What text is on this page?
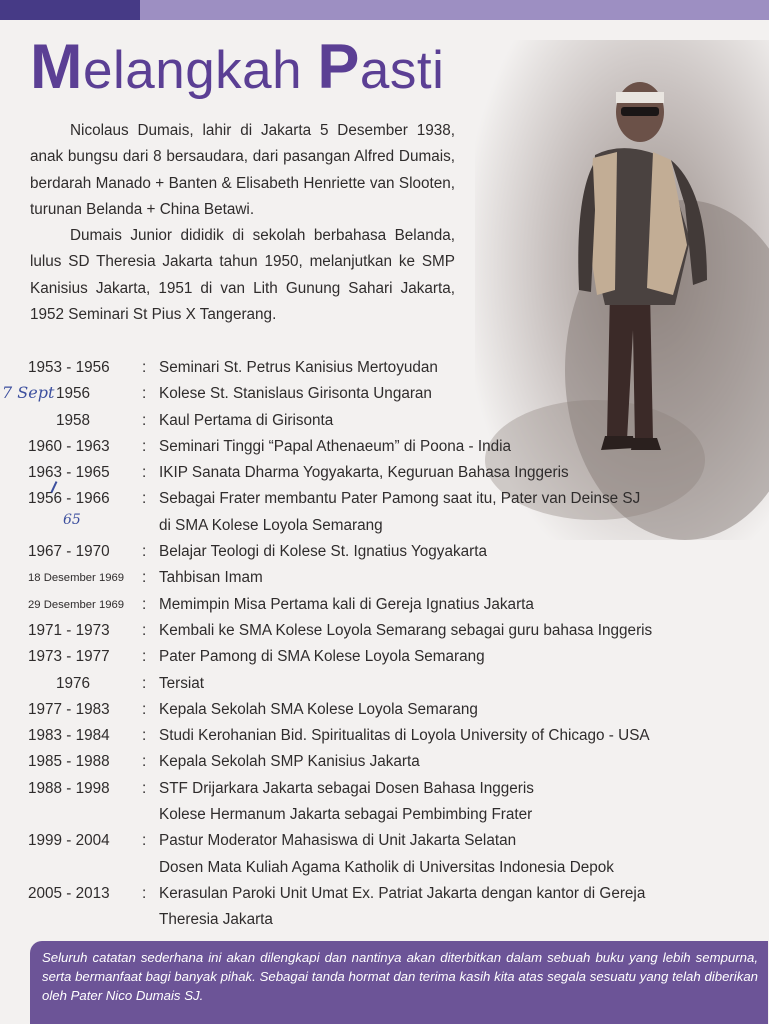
Melangkah Pasti

Nicolaus Dumais, lahir di Jakarta 5 Desember 1938, anak bungsu dari 8 bersaudara, dari pasangan Alfred Dumais, berdarah Manado + Banten & Elisabeth Henriette van Slooten, turunan Belanda + China Betawi.

Dumais Junior dididik di sekolah berbahasa Belanda, lulus SD Theresia Jakarta tahun 1950, melanjutkan ke SMP Kanisius Jakarta, 1951 di van Lith Gunung Sahari Jakarta, 1952 Seminari St Pius X Tangerang.

1953 - 1956	: Seminari St. Petrus Kanisius Mertoyudan
1956	: Kolese St. Stanislaus Girisonta Ungaran
1958	: Kaul Pertama di Girisonta
1960 - 1963	: Seminari Tinggi “Papal Athenaeum” di Poona - India
1963 - 1965	: IKIP Sanata Dharma Yogyakarta, Keguruan Bahasa Inggeris
1956 - 1966	: Sebagai Frater membantu Pater Pamong saat itu, Pater van Deinse SJ
di SMA Kolese Loyola Semarang
1967 - 1970	: Belajar Teologi di Kolese St. Ignatius Yogyakarta
18 Desember 1969	: Tahbisan Imam
29 Desember 1969	: Memimpin Misa Pertama kali di Gereja Ignatius Jakarta
1971 - 1973	: Kembali ke SMA Kolese Loyola Semarang sebagai guru bahasa Inggeris
1973 - 1977	: Pater Pamong di SMA Kolese Loyola Semarang
1976	: Tersiat
1977 - 1983	: Kepala Sekolah SMA Kolese Loyola Semarang
1983 - 1984	: Studi Kerohanian Bid. Spiritualitas di Loyola University of Chicago - USA
1985 - 1988	: Kepala Sekolah SMP Kanisius Jakarta
1988 - 1998	: STF Drijarkara Jakarta sebagai Dosen Bahasa Inggeris
Kolese Hermanum Jakarta sebagai Pembimbing Frater
1999 - 2004	: Pastur Moderator Mahasiswa di Unit Jakarta Selatan
Dosen Mata Kuliah Agama Katholik di Universitas Indonesia Depok
2005 - 2013	: Kerasulan Paroki Unit Umat Ex. Patriat Jakarta dengan kantor di Gereja
Theresia Jakarta
7 Sept
65
Seluruh catatan sederhana ini akan dilengkapi dan nantinya akan diterbitkan dalam sebuah buku yang lebih sempurna, serta bermanfaat bagi banyak pihak. Sebagai tanda hormat dan terima kasih kita atas segala sesuatu yang telah diberikan oleh Pater Nico Dumais SJ.
